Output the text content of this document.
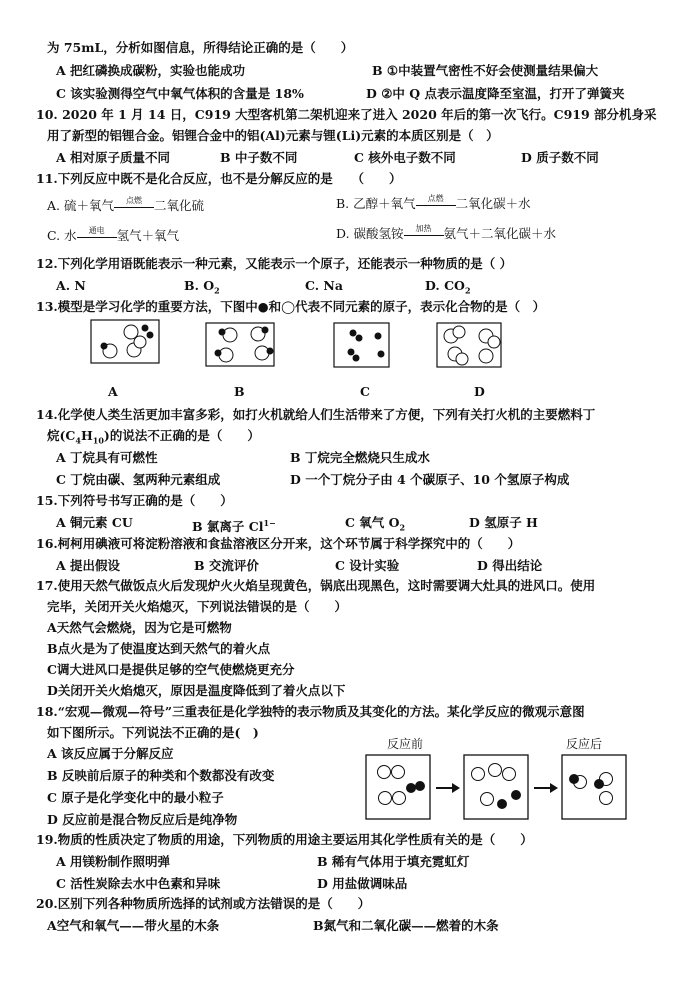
为 75mL，分析如图信息，所得结论正确的是（　　）
A 把红磷换成碳粉，实验也能成功	B ①中装置气密性不好会使测量结果偏大
C 该实验测得空气中氧气体积的含量是 18%	D ②中 Q 点表示温度降至室温，打开了弹簧夹
10. 2020 年 1 月 14 日，C919 大型客机第二架机迎来了进入 2020 年后的第一次飞行。C919 部分机身采
用了新型的铝锂合金。铝锂合金中的铝(Al)元素与锂(Li)元素的本质区别是（　）
A 相对原子质量不同	B 中子数不同	C 核外电子数不同	D 质子数不同
11.下列反应中既不是化合反应，也不是分解反应的是　　（　　）
A. 硫＋氧气	点燃 二氧化硫	B. 乙醇＋氧气	点燃 二氧化碳＋水
C. 水	通电 氢气＋氧气	D. 碳酸氢铵	加热 氨气＋二氧化碳＋水
12.下列化学用语既能表示一种元素，又能表示一个原子，还能表示一种物质的是（ ）
A. N	B. $O_2$	C. Na	D. $CO_2$
13.模型是学习化学的重要方法，下图中●和◯代表不同元素的原子，表示化合物的是（　）
A	B	C	D
14.化学使人类生活更加丰富多彩，如打火机就给人们生活带来了方便，下列有关打火机的主要燃料丁
烷$(C_4H_{10})$的说法不正确的是（　　）
A 丁烷具有可燃性	B 丁烷完全燃烧只生成水
C 丁烷由碳、氢两种元素组成	D 一个丁烷分子由 4 个碳原子、10 个氢原子构成
15.下列符号书写正确的是（　　）
A 铜元素 CU	B 氯离子 $Cl^{1-}$	C 氧气 $O_2$	D 氢原子 H
16.柯柯用碘液可将淀粉溶液和食盐溶液区分开来，这个环节属于科学探究中的（　　）
A 提出假设	B 交流评价	C 设计实验	D 得出结论
17.使用天然气做饭点火后发现炉火火焰呈现黄色，锅底出现黑色，这时需要调大灶具的进风口。使用
完毕，关闭开关火焰熄灭，下列说法错误的是（　　）
A天然气会燃烧，因为它是可燃物
B点火是为了使温度达到天然气的着火点
C调大进风口是提供足够的空气使燃烧更充分
D关闭开关火焰熄灭，原因是温度降低到了着火点以下
18.“宏观—微观—符号”三重表征是化学独特的表示物质及其变化的方法。某化学反应的微观示意图
如下图所示。下列说法不正确的是(　)
A 该反应属于分解反应
B 反映前后原子的种类和个数都没有改变
C 原子是化学变化中的最小粒子
D 反应前是混合物反应后是纯净物
反应前	反应后
19.物质的性质决定了物质的用途，下列物质的用途主要运用其化学性质有关的是（　　）
A 用镁粉制作照明弹	B 稀有气体用于填充霓虹灯
C 活性炭除去水中色素和异味	D 用盐做调味品
20.区别下列各种物质所选择的试剂或方法错误的是（　　）
A空气和氧气——带火星的木条	B氮气和二氧化碳——燃着的木条
